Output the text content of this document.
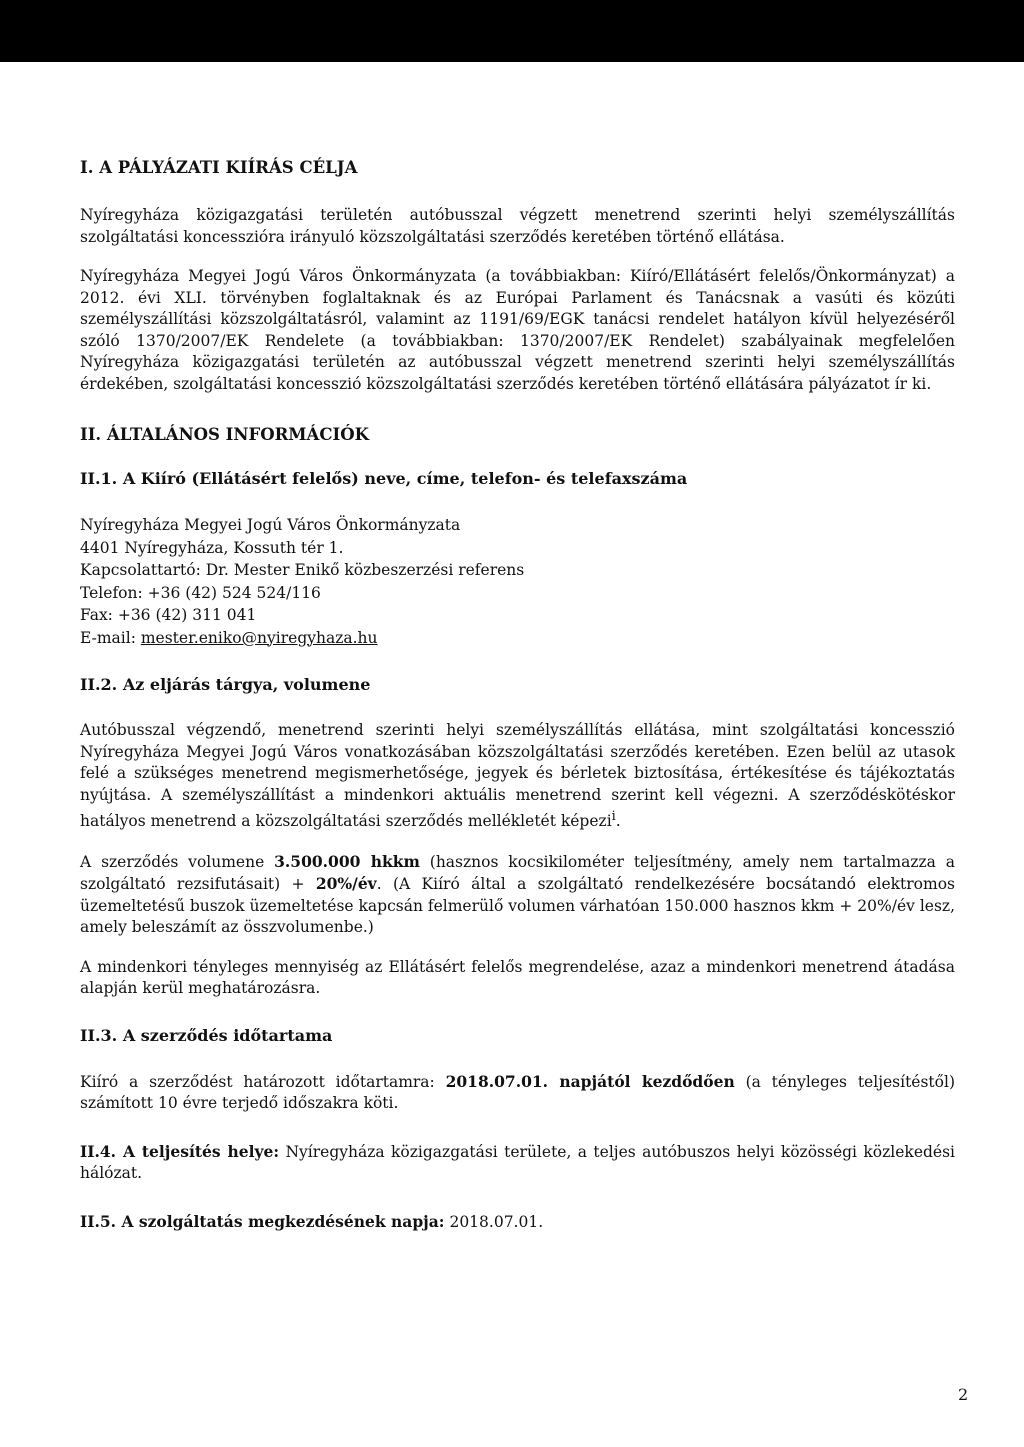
I. A PÁLYÁZATI KIÍRÁS CÉLJA

Nyíregyháza közigazgatási területén autóbusszal végzett menetrend szerinti helyi személyszállítás szolgáltatási koncesszióra irányuló közszolgáltatási szerződés keretében történő ellátása.

Nyíregyháza Megyei Jogú Város Önkormányzata (a továbbiakban: Kiíró/Ellátásért felelős/Önkormányzat) a 2012. évi XLI. törvényben foglaltaknak és az Európai Parlament és Tanácsnak a vasúti és közúti személyszállítási közszolgáltatásról, valamint az 1191/69/EGK tanácsi rendelet hatályon kívül helyezéséről szóló 1370/2007/EK Rendelete (a továbbiakban: 1370/2007/EK Rendelet) szabályainak megfelelően Nyíregyháza közigazgatási területén az autóbusszal végzett menetrend szerinti helyi személyszállítás érdekében, szolgáltatási koncesszió közszolgáltatási szerződés keretében történő ellátására pályázatot ír ki.

II. ÁLTALÁNOS INFORMÁCIÓK
II.1. A Kiíró (Ellátásért felelős) neve, címe, telefon- és telefaxszáma
Nyíregyháza Megyei Jogú Város Önkormányzata
4401 Nyíregyháza, Kossuth tér 1.
Kapcsolattartó: Dr. Mester Enikő közbeszerzési referens
Telefon: +36 (42) 524 524/116
Fax: +36 (42) 311 041
E-mail: mester.eniko@nyiregyhaza.hu
II.2. Az eljárás tárgya, volumene

Autóbusszal végzendő, menetrend szerinti helyi személyszállítás ellátása, mint szolgáltatási koncesszió Nyíregyháza Megyei Jogú Város vonatkozásában közszolgáltatási szerződés keretében. Ezen belül az utasok felé a szükséges menetrend megismerhetősége, jegyek és bérletek biztosítása, értékesítése és tájékoztatás nyújtása. A személyszállítást a mindenkori aktuális menetrend szerint kell végezni. A szerződéskötéskor hatályos menetrend a közszolgáltatási szerződés mellékletét képezi$^i$.

A szerződés volumene 3.500.000 hkkm (hasznos kocsikilométer teljesítmény, amely nem tartalmazza a szolgáltató rezsifutásait) + 20%/év. (A Kiíró által a szolgáltató rendelkezésére bocsátandó elektromos üzemeltetésű buszok üzemeltetése kapcsán felmerülő volumen várhatóan 150.000 hasznos kkm + 20%/év lesz, amely beleszámít az összvolumenbe.)

A mindenkori tényleges mennyiség az Ellátásért felelős megrendelése, azaz a mindenkori menetrend átadása alapján kerül meghatározásra.

II.3. A szerződés időtartama

Kiíró a szerződést határozott időtartamra: 2018.07.01. napjától kezdődően (a tényleges teljesítéstől) számított 10 évre terjedő időszakra köti.

II.4. A teljesítés helye: Nyíregyháza közigazgatási területe, a teljes autóbuszos helyi közösségi közlekedési hálózat.

II.5. A szolgáltatás megkezdésének napja: 2018.07.01.

2
